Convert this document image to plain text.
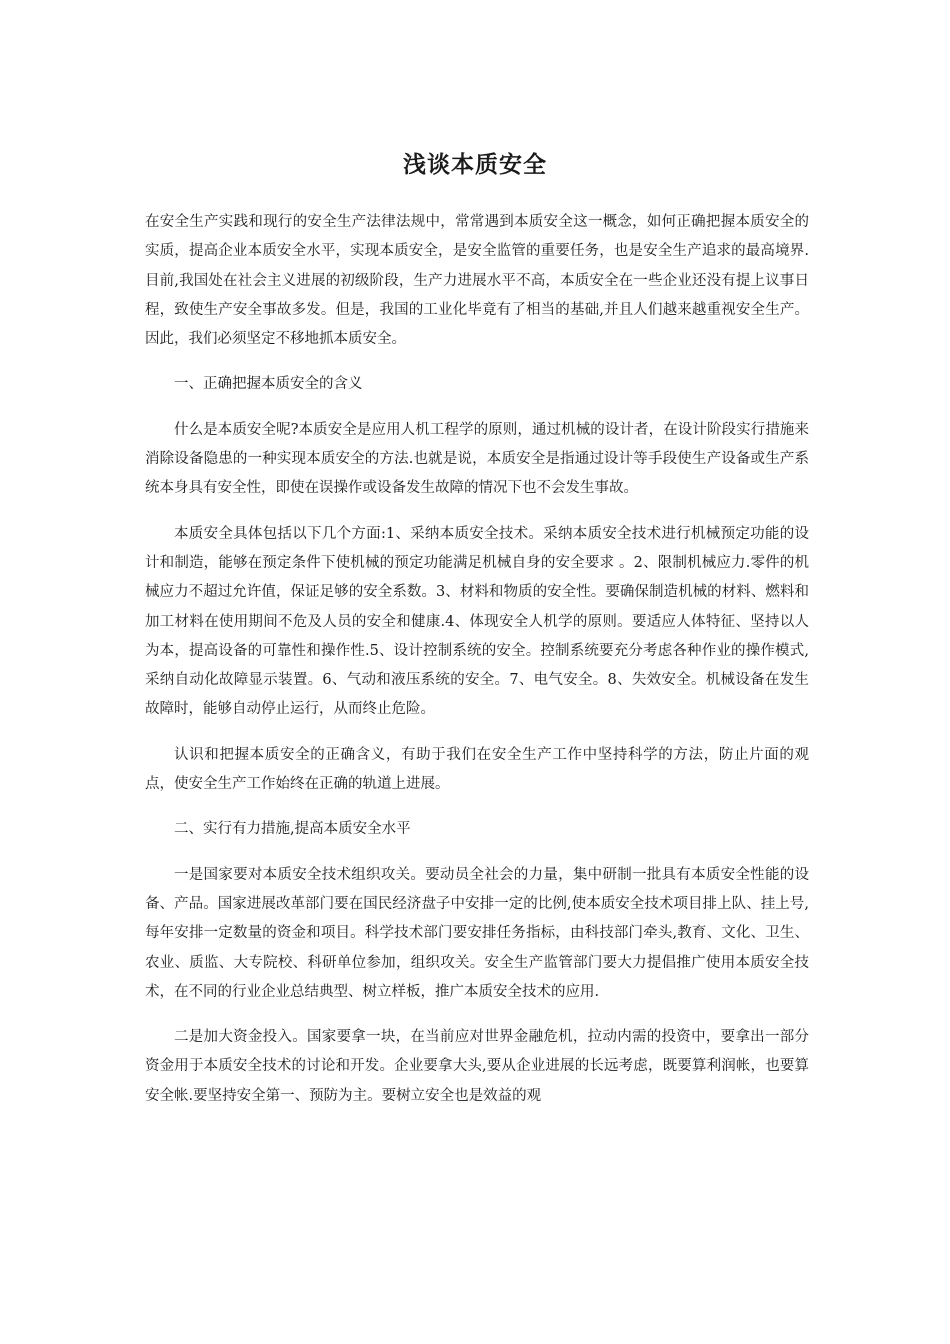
浅谈本质安全

在安全生产实践和现行的安全生产法律法规中，常常遇到本质安全这一概念，如何正确把握本质安全的实质，提高企业本质安全水平，实现本质安全，是安全监管的重要任务，也是安全生产追求的最高境界.目前,我国处在社会主义进展的初级阶段，生产力进展水平不高，本质安全在一些企业还没有提上议事日程，致使生产安全事故多发。但是，我国的工业化毕竟有了相当的基础,并且人们越来越重视安全生产。因此，我们必须坚定不移地抓本质安全。

一、正确把握本质安全的含义

什么是本质安全呢?本质安全是应用人机工程学的原则，通过机械的设计者，在设计阶段实行措施来消除设备隐患的一种实现本质安全的方法.也就是说，本质安全是指通过设计等手段使生产设备或生产系统本身具有安全性，即使在误操作或设备发生故障的情况下也不会发生事故。

本质安全具体包括以下几个方面:1、采纳本质安全技术。采纳本质安全技术进行机械预定功能的设计和制造，能够在预定条件下使机械的预定功能满足机械自身的安全要求 。2、限制机械应力.零件的机械应力不超过允许值，保证足够的安全系数。3、材料和物质的安全性。要确保制造机械的材料、燃料和加工材料在使用期间不危及人员的安全和健康.4、体现安全人机学的原则。要适应人体特征、坚持以人为本，提高设备的可靠性和操作性.5、设计控制系统的安全。控制系统要充分考虑各种作业的操作模式,采纳自动化故障显示装置。6、气动和液压系统的安全。7、电气安全。8、失效安全。机械设备在发生故障时，能够自动停止运行，从而终止危险。

认识和把握本质安全的正确含义，有助于我们在安全生产工作中坚持科学的方法，防止片面的观点，使安全生产工作始终在正确的轨道上进展。

二、实行有力措施,提高本质安全水平

一是国家要对本质安全技术组织攻关。要动员全社会的力量，集中研制一批具有本质安全性能的设备、产品。国家进展改革部门要在国民经济盘子中安排一定的比例,使本质安全技术项目排上队、挂上号,每年安排一定数量的资金和项目。科学技术部门要安排任务指标，由科技部门牵头,教育、文化、卫生、农业、质监、大专院校、科研单位参加，组织攻关。安全生产监管部门要大力提倡推广使用本质安全技术，在不同的行业企业总结典型、树立样板，推广本质安全技术的应用.

二是加大资金投入。国家要拿一块，在当前应对世界金融危机，拉动内需的投资中，要拿出一部分资金用于本质安全技术的讨论和开发。企业要拿大头,要从企业进展的长远考虑，既要算利润帐，也要算安全帐.要坚持安全第一、预防为主。要树立安全也是效益的观
